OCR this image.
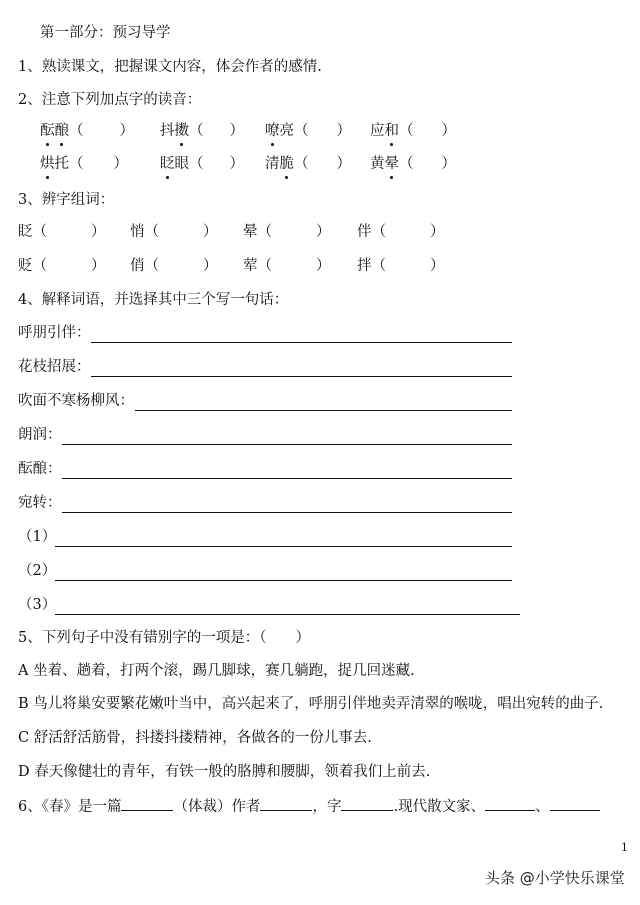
第一部分：预习导学
1、熟读课文，把握课文内容，体会作者的感情.
2、注意下列加点字的读音：
酝酿（ ） 抖擞（ ） 嘹亮（ ） 应和（ ）
烘托（ ） 眨眼（ ） 清脆（ ） 黄晕（ ）
3、辨字组词：
眨（	） 悄（	） 晕（	） 伴（	）
贬（	） 俏（	） 荤（	） 拌（	）
4、解释词语，并选择其中三个写一句话：
呼朋引伴：
花枝招展：
吹面不寒杨柳风：
朗润：
酝酿：
宛转：
（1）
（2）
（3）
5、下列句子中没有错别字的一项是：（　　）
A 坐着、趟着，打两个滚，踢几脚球，赛几躺跑，捉几回迷藏.
B 鸟儿将巢安要繁花嫩叶当中，高兴起来了，呼朋引伴地卖弄清翠的喉咙，唱出宛转的曲子.
C 舒活舒活筋骨，抖搂抖搂精神，各做各的一份儿事去.
D 春天像健壮的青年，有铁一般的胳膊和腰脚，领着我们上前去.
6、《春》是一篇	（体裁）作者	，字	.现代散文家、	、
1
头条 @小学快乐课堂
